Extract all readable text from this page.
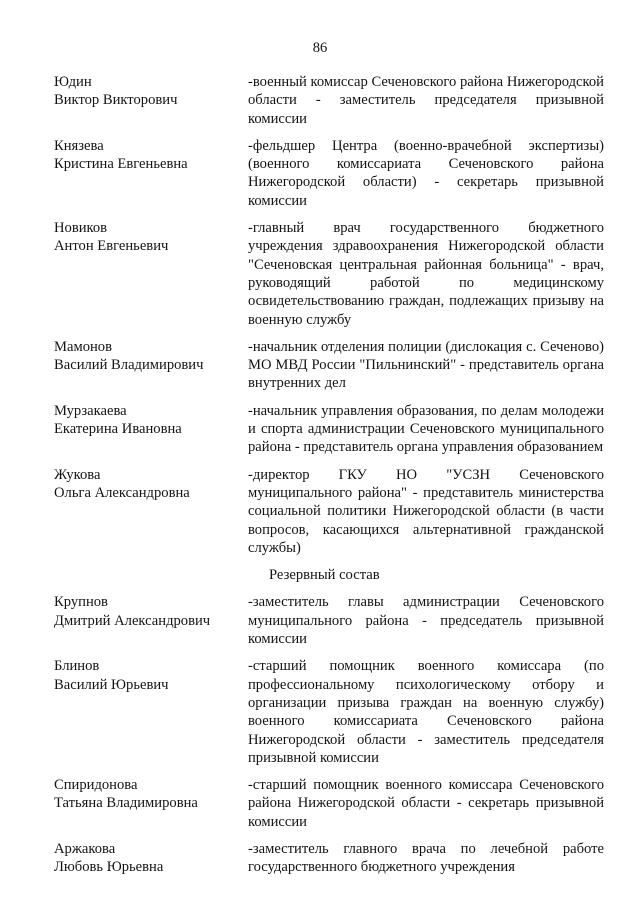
86
Юдин
Виктор Викторович
-военный комиссар Сеченовского района Нижегородской области - заместитель председателя призывной комиссии
Князева
Кристина Евгеньевна
-фельдшер Центра (военно-врачебной экспертизы) (военного комиссариата Сеченовского района Нижегородской области) - секретарь призывной комиссии
Новиков
Антон Евгеньевич
-главный врач государственного бюджетного учреждения здравоохранения Нижегородской области "Сеченовская центральная районная больница" - врач, руководящий работой по медицинскому освидетельствованию граждан, подлежащих призыву на военную службу
Мамонов
Василий Владимирович
-начальник отделения полиции (дислокация с. Сеченово) МО МВД России "Пильнинский" - представитель органа внутренних дел
Мурзакаева
Екатерина Ивановна
-начальник управления образования, по делам молодежи и спорта администрации Сеченовского муниципального района - представитель органа управления образованием
Жукова
Ольга Александровна
-директор ГКУ НО "УСЗН Сеченовского муниципального района" - представитель министерства социальной политики Нижегородской области (в части вопросов, касающихся альтернативной гражданской службы)
Резервный состав
Крупнов
Дмитрий Александрович
-заместитель главы администрации Сеченовского муниципального района - председатель призывной комиссии
Блинов
Василий Юрьевич
-старший помощник военного комиссара (по профессиональному психологическому отбору и организации призыва граждан на военную службу) военного комиссариата Сеченовского района Нижегородской области - заместитель председателя призывной комиссии
Спиридонова
Татьяна Владимировна
-старший помощник военного комиссара Сеченовского района Нижегородской области - секретарь призывной комиссии
Аржакова
Любовь Юрьевна
-заместитель главного врача по лечебной работе государственного бюджетного учреждения
